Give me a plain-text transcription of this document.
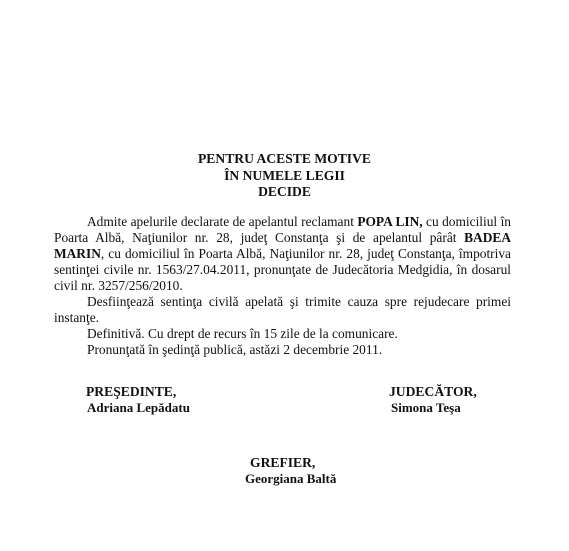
PENTRU ACESTE MOTIVE
ÎN NUMELE LEGII
DECIDE

Admite apelurile declarate de apelantul reclamant POPA LIN, cu domiciliul în Poarta Albă, Naţiunilor nr. 28, judeţ Constanţa şi de apelantul pârât BADEA MARIN, cu domiciliul în Poarta Albă, Naţiunilor nr. 28, judeţ Constanţa, împotriva sentinţei civile nr. 1563/27.04.2011, pronunţate de Judecătoria Medgidia, în dosarul civil nr. 3257/256/2010.

Desfiinţează sentinţa civilă apelată şi trimite cauza spre rejudecare primei instanţe.

Definitivă. Cu drept de recurs în 15 zile de la comunicare.

Pronunţată în şedinţă publică, astăzi 2 decembrie 2011.

PREŞEDINTE,
Adriana Lepădatu
JUDECĂTOR,
Simona Teşa
GREFIER,
Georgiana Baltă
